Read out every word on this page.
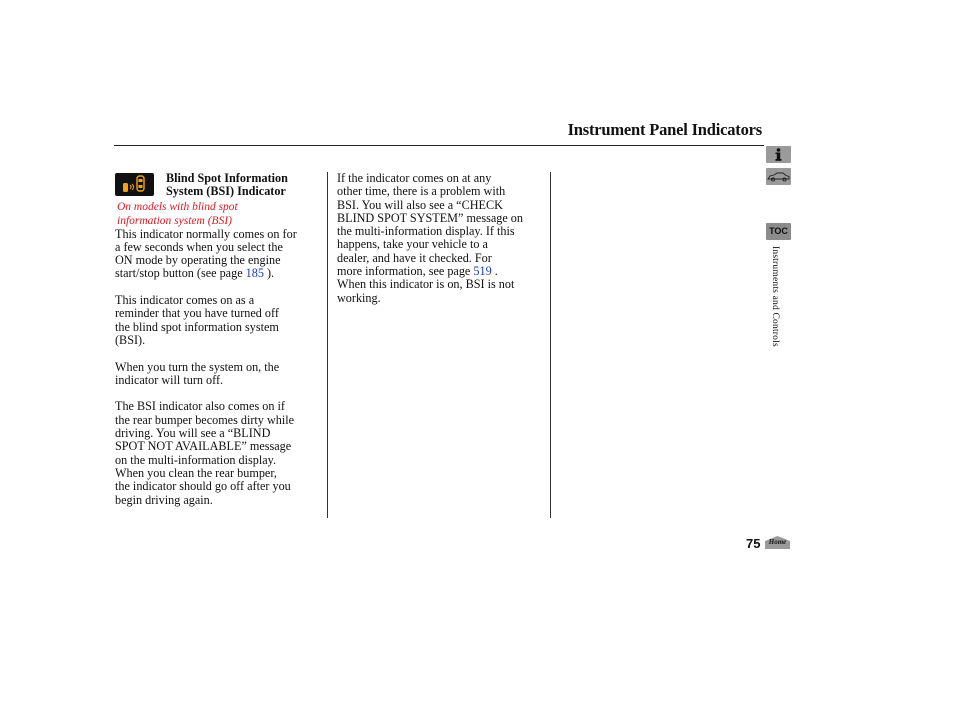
Instrument Panel Indicators
Blind Spot Information
System (BSI) Indicator
On models with blind spot
information system (BSI)

This indicator normally comes on for
a few seconds when you select the
ON mode by operating the engine
start/stop button (see page 185 ).

This indicator comes on as a
reminder that you have turned off
the blind spot information system
(BSI).

When you turn the system on, the
indicator will turn off.

The BSI indicator also comes on if
the rear bumper becomes dirty while
driving. You will see a “BLIND
SPOT NOT AVAILABLE” message
on the multi-information display.
When you clean the rear bumper,
the indicator should go off after you
begin driving again.

If the indicator comes on at any
other time, there is a problem with
BSI. You will also see a “CHECK
BLIND SPOT SYSTEM” message on
the multi-information display. If this
happens, take your vehicle to a
dealer, and have it checked. For
more information, see page 519 .
When this indicator is on, BSI is not
working.

TOC
Instruments and Controls
75	Home
